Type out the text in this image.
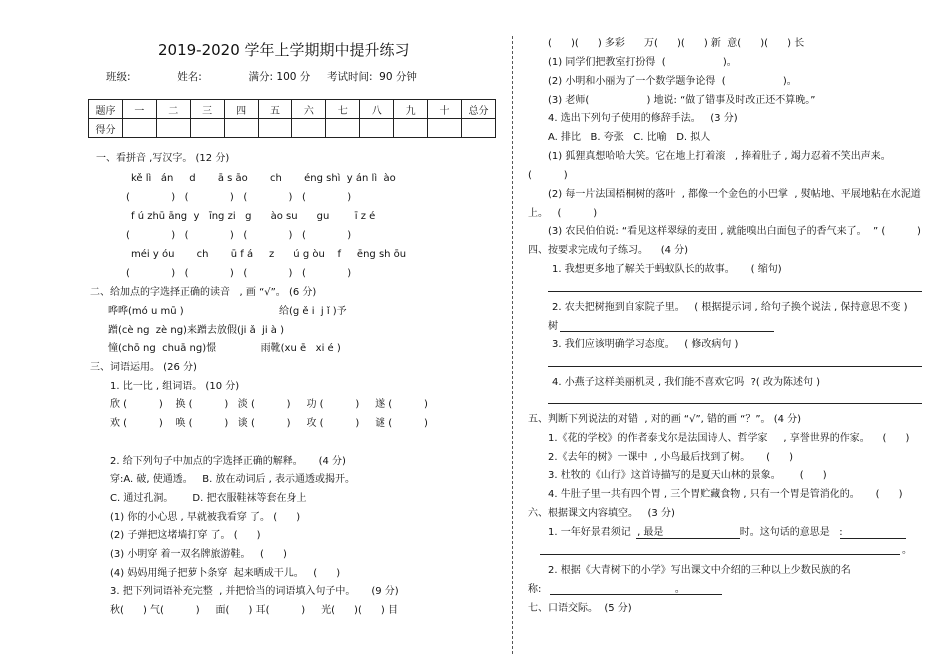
2019-2020 学年上学期期中提升练习
班级:              姓名:              满分: 100 分     考试时间:  90 分钟
题序	一	二	三	四	五	六	七	八	九	十	总分
得分											
一、看拼音 ,写汉字。 (12 分)
kě lì   án     d       ā s āo       ch       éng shì  y án lì  ào
(             )   (             )   (             )   (             )
f ú zhū āng  y   īng zi   g      ào su      gu        ī z é
(             )   (             )   (             )   (             )
méi y óu       ch       ū f á     z      ú g òu    f     ēng sh ōu
(             )   (             )   (             )   (             )
二、给加点的字选择正确的读音   , 画 “√”。 (6 分)
哗哗(mó u mū )                              给(g ě i  j ǐ )予
蹭(cè ng  zè ng)来蹭去放假(ji ǎ  ji à )
憧(chō ng  chuā ng)憬              雨靴(xu ē   xi é )
三、词语运用。 (26 分)
1. 比一比 , 组词语。 (10 分)
欣 (          )    换 (          )   淡 (          )     功 (          )     遂 (          )
欢 (          )    唤 (          )   谈 (          )     攻 (          )     谜 (          )
2. 给下列句子中加点的字选择正确的解释。     (4 分)
穿:A. 破, 使通透。   B. 放在动词后 , 表示通透或揭开。
C. 通过孔洞。      D. 把衣服鞋袜等套在身上
(1) 你的小心思 , 早就被我看穿 了。 (      )
(2) 子弹把这堵墙打穿 了。 (      )
(3) 小明穿 着一双名牌旅游鞋。   (      )
(4) 妈妈用绳子把萝卜条穿  起来晒成干儿。   (      )
3. 把下列词语补充完整  , 并把恰当的词语填入句子中。     (9 分)
秋(      ) 气(          )     面(      ) 耳(          )     光(      )(      ) 目
(      )(      ) 多彩      万(      )(      ) 新  意(      )(      ) 长
(1) 同学们把教室打扮得  (                  )。
(2) 小明和小丽为了一个数学题争论得  (                  )。
(3) 老师(                  ) 地说: “做了错事及时改正还不算晚。”
4. 选出下列句子使用的修辞手法。   (3 分)
A. 排比   B. 夸张   C. 比喻   D. 拟人
(1) 狐狸真想哈哈大笑。它在地上打着滚   , 捧着肚子 , 竭力忍着不笑出声来。
(          )
(2) 每一片法国梧桐树的落叶  , 都像一个金色的小巴掌  , 熨帖地、平展地粘在水泥道
上。   (          )
(3) 农民伯伯说: “看见这样翠绿的麦田 , 就能嗅出白面包子的香气来了。  ” (          )
四、按要求完成句子练习。    (4 分)
1. 我想更多地了解关于蚂蚁队长的故事。     ( 缩句)
2. 农夫把树拖到自家院子里。   ( 根据提示词 , 给句子换个说法 , 保持意思不变 )
树
3. 我们应该明确学习态度。   ( 修改病句 )
4. 小燕子这样美丽机灵 , 我们能不喜欢它吗  ?( 改为陈述句 )
五、判断下列说法的对错  , 对的画 “√”, 错的画 “？”。 (4 分)
1.《花的学校》的作者泰戈尔是法国诗人、哲学家     , 享誉世界的作家。    (      )
2.《去年的树》一课中  , 小鸟最后找到了树。     (      )
3. 杜牧的《山行》这首诗描写的是夏天山林的景象。      (      )
4. 牛肚子里一共有四个胃 , 三个胃贮藏食物 , 只有一个胃是管消化的。     (      )
六、根据课文内容填空。   (3 分)
1. 一年好景君须记  , 最是                        时。这句话的意思是   :
。
2. 根据《大青树下的小学》写出课文中介绍的三种以上少数民族的名
称:                                          。
七、口语交际。  (5 分)
